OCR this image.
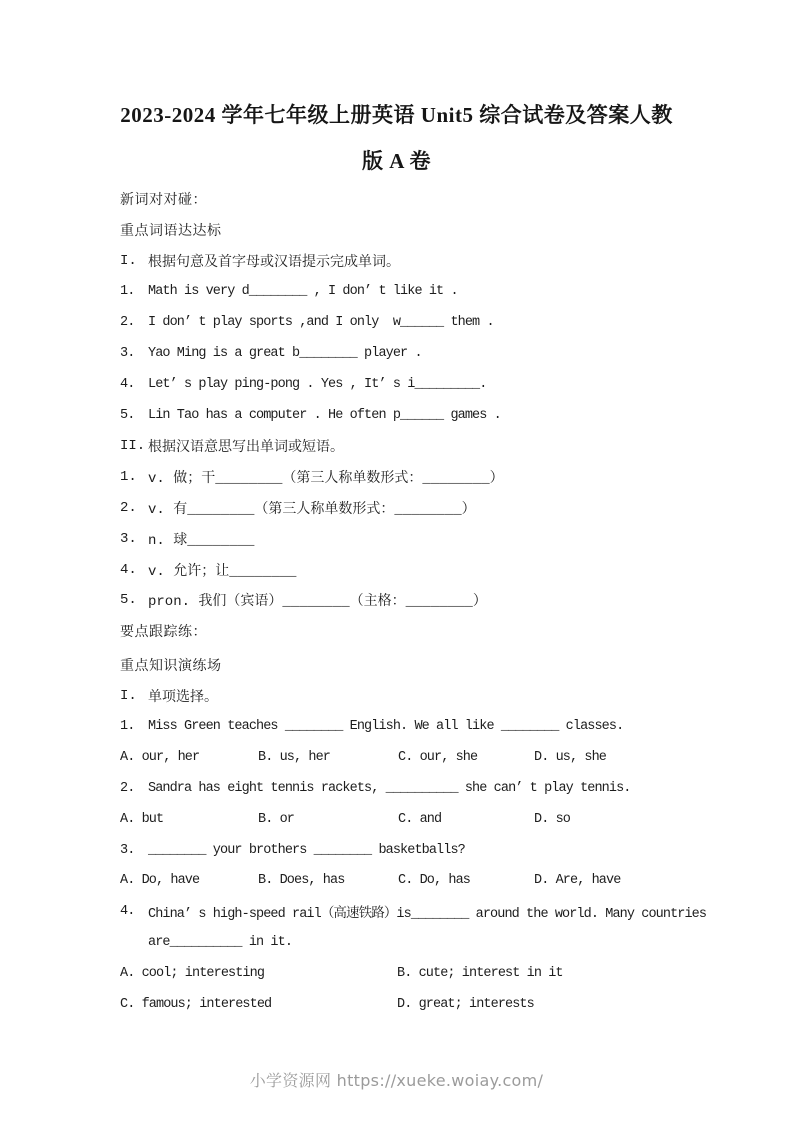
2023-2024 学年七年级上册英语 Unit5 综合试卷及答案人教
版 A 卷
新词对对碰：
重点词语达达标
I. 根据句意及首字母或汉语提示完成单词。
1.	Math is very d________ , I don’ t like it .
2.	I don’ t play sports ,and I only  w______ them .
3.	Yao Ming is a great b________ player .
4.	Let’ s play ping-pong . Yes , It’ s i_________.
5.	Lin Tao has a computer . He often p______ games .
II. 根据汉语意思写出单词或短语。
1. v. 做；干________（第三人称单数形式：________）
2. v. 有________（第三人称单数形式：________）
3. n. 球________
4. v. 允许；让________
5. pron. 我们（宾语）________（主格：________）
要点跟踪练：
重点知识演练场
I. 单项选择。
1.	Miss Green teaches ________ English. We all like ________ classes.
A. our, her	B. us, her	C. our, she	D. us, she
2.	Sandra has eight tennis rackets, __________ she can’ t play tennis.
A. but	B. or	C. and	D. so
3.	________ your brothers ________ basketballs?
A. Do, have	B. Does, has	C. Do, has	D. Are, have
4.	China’ s high-speed rail（高速铁路）is________ around the world. Many countries
are__________ in it.
A. cool; interesting	B. cute; interest in it
C. famous; interested	D. great; interests
小学资源网 https://xueke.woiay.com/
